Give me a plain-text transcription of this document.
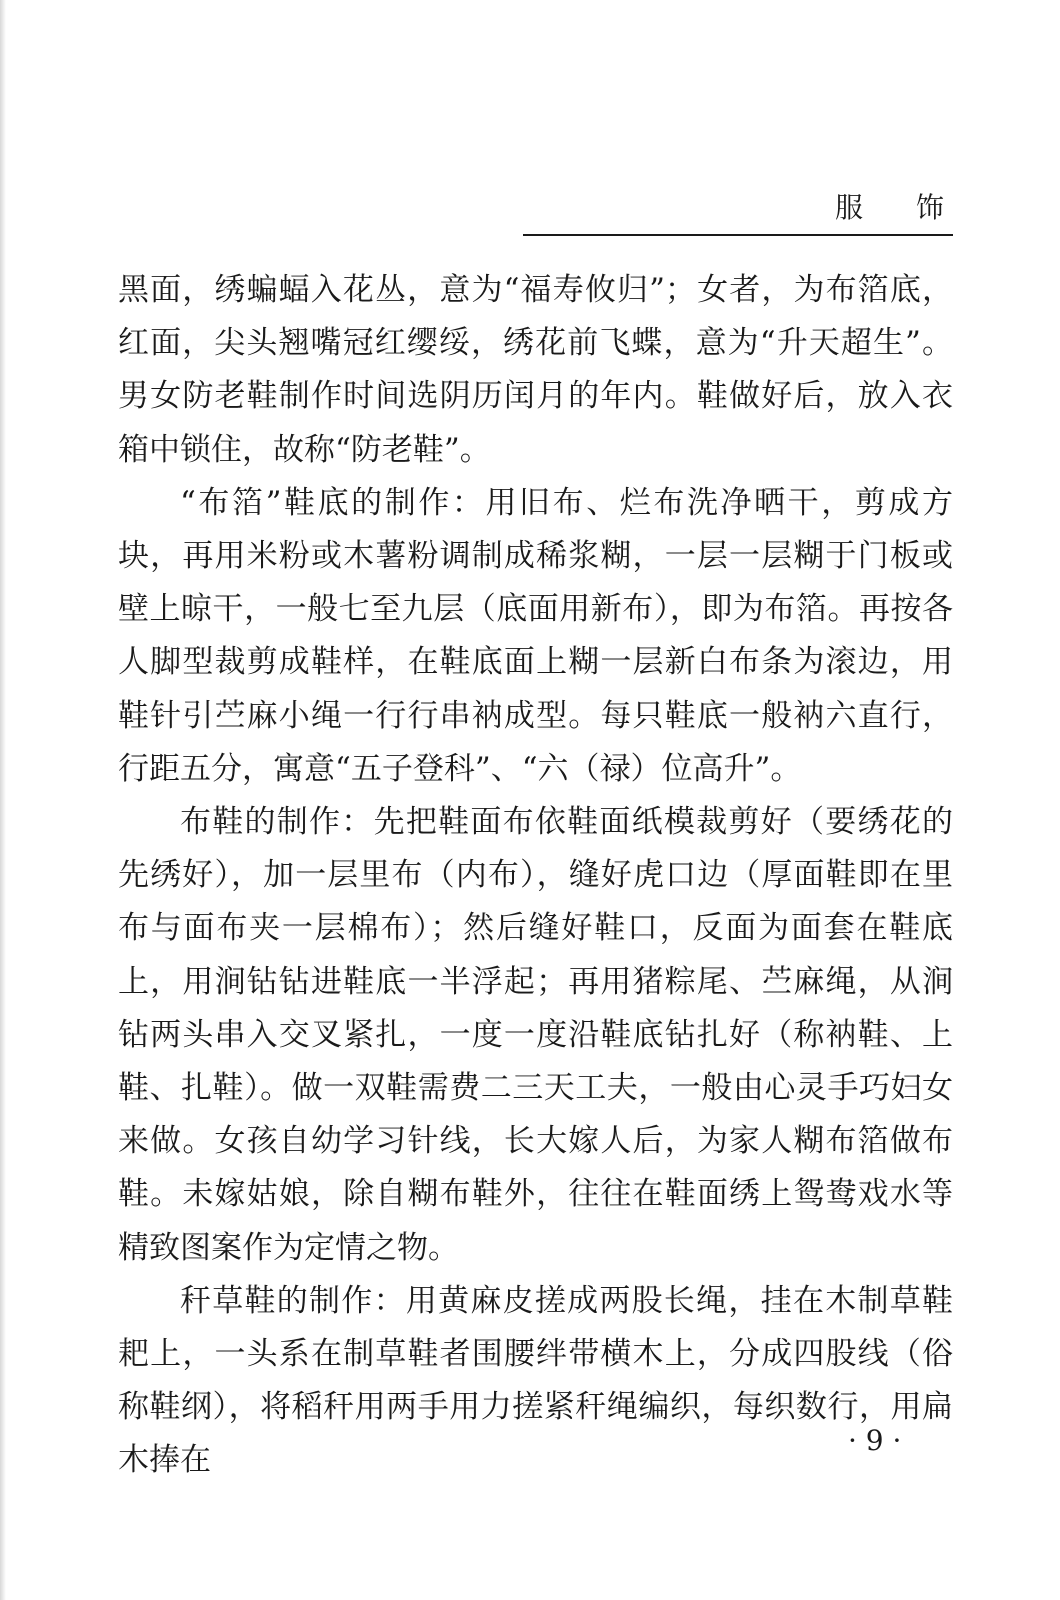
服 饰

黑面，绣蝙蝠入花丛，意为“福寿攸归”；女者，为布箔底，红面，尖头翘嘴冠红缨绥，绣花前飞蝶，意为“升天超生”。男女防老鞋制作时间选阴历闰月的年内。鞋做好后，放入衣箱中锁住，故称“防老鞋”。

“布箔”鞋底的制作：用旧布、烂布洗净晒干，剪成方块，再用米粉或木薯粉调制成稀浆糊，一层一层糊于门板或壁上晾干，一般七至九层（底面用新布），即为布箔。再按各人脚型裁剪成鞋样，在鞋底面上糊一层新白布条为滚边，用鞋针引苎麻小绳一行行串衲成型。每只鞋底一般衲六直行，行距五分，寓意“五子登科”、“六（禄）位高升”。

布鞋的制作：先把鞋面布依鞋面纸模裁剪好（要绣花的先绣好），加一层里布（内布），缝好虎口边（厚面鞋即在里布与面布夹一层棉布）；然后缝好鞋口，反面为面套在鞋底上，用涧钻钻进鞋底一半浮起；再用猪粽尾、苎麻绳，从涧钻两头串入交叉紧扎，一度一度沿鞋底钻扎好（称衲鞋、上鞋、扎鞋）。做一双鞋需费二三天工夫，一般由心灵手巧妇女来做。女孩自幼学习针线，长大嫁人后，为家人糊布箔做布鞋。未嫁姑娘，除自糊布鞋外，往往在鞋面绣上鸳鸯戏水等精致图案作为定情之物。

秆草鞋的制作：用黄麻皮搓成两股长绳，挂在木制草鞋耙上，一头系在制草鞋者围腰绊带横木上，分成四股线（俗称鞋纲），将稻秆用两手用力搓紧秆绳编织，每织数行，用扁木捧在

· 9 ·
